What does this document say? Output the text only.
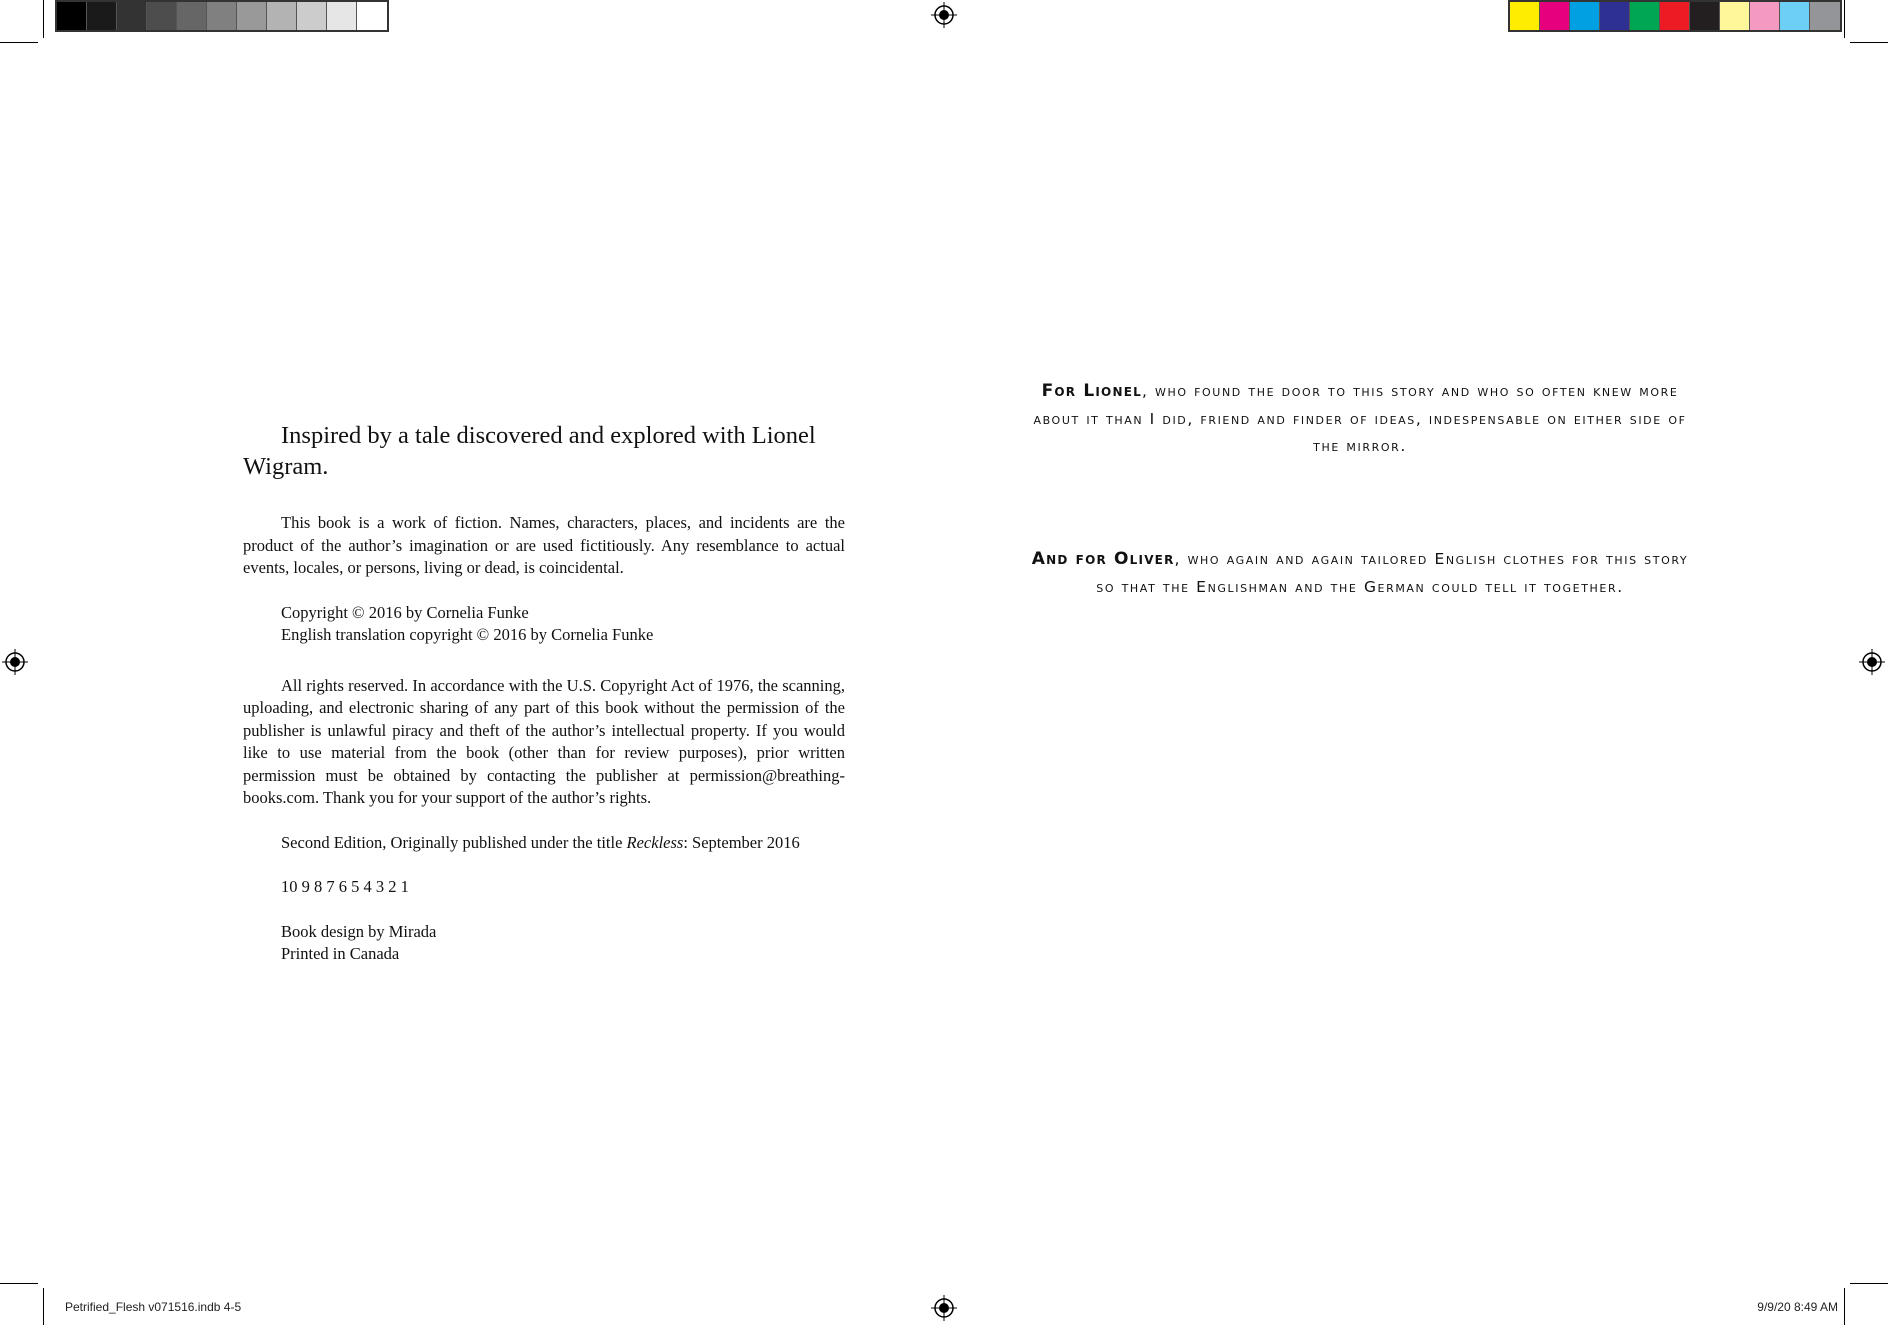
Inspired by a tale discovered and explored with Lionel Wigram.

This book is a work of fiction. Names, characters, places, and incidents are the product of the author’s imagination or are used fictitiously. Any resemblance to actual events, locales, or persons, living or dead, is coincidental.

Copyright © 2016 by Cornelia Funke
English translation copyright © 2016 by Cornelia Funke

All rights reserved. In accordance with the U.S. Copyright Act of 1976, the scanning, uploading, and electronic sharing of any part of this book without the permission of the publisher is unlawful piracy and theft of the author’s intellectual property. If you would like to use material from the book (other than for review purposes), prior written permission must be obtained by contacting the publisher at permission@breathing-books.com. Thank you for your support of the author’s rights.

Second Edition, Originally published under the title Reckless: September 2016
10 9 8 7 6 5 4 3 2 1
Book design by Mirada
Printed in Canada
For Lionel, who found the door to this story and who so often knew more about it than I did, friend and finder of ideas, indespensable on either side of the mirror.
And for Oliver, who again and again tailored English clothes for this story so that the Englishman and the German could tell it together.
Petrified_Flesh v071516.indb 4-5	9/9/20 8:49 AM
